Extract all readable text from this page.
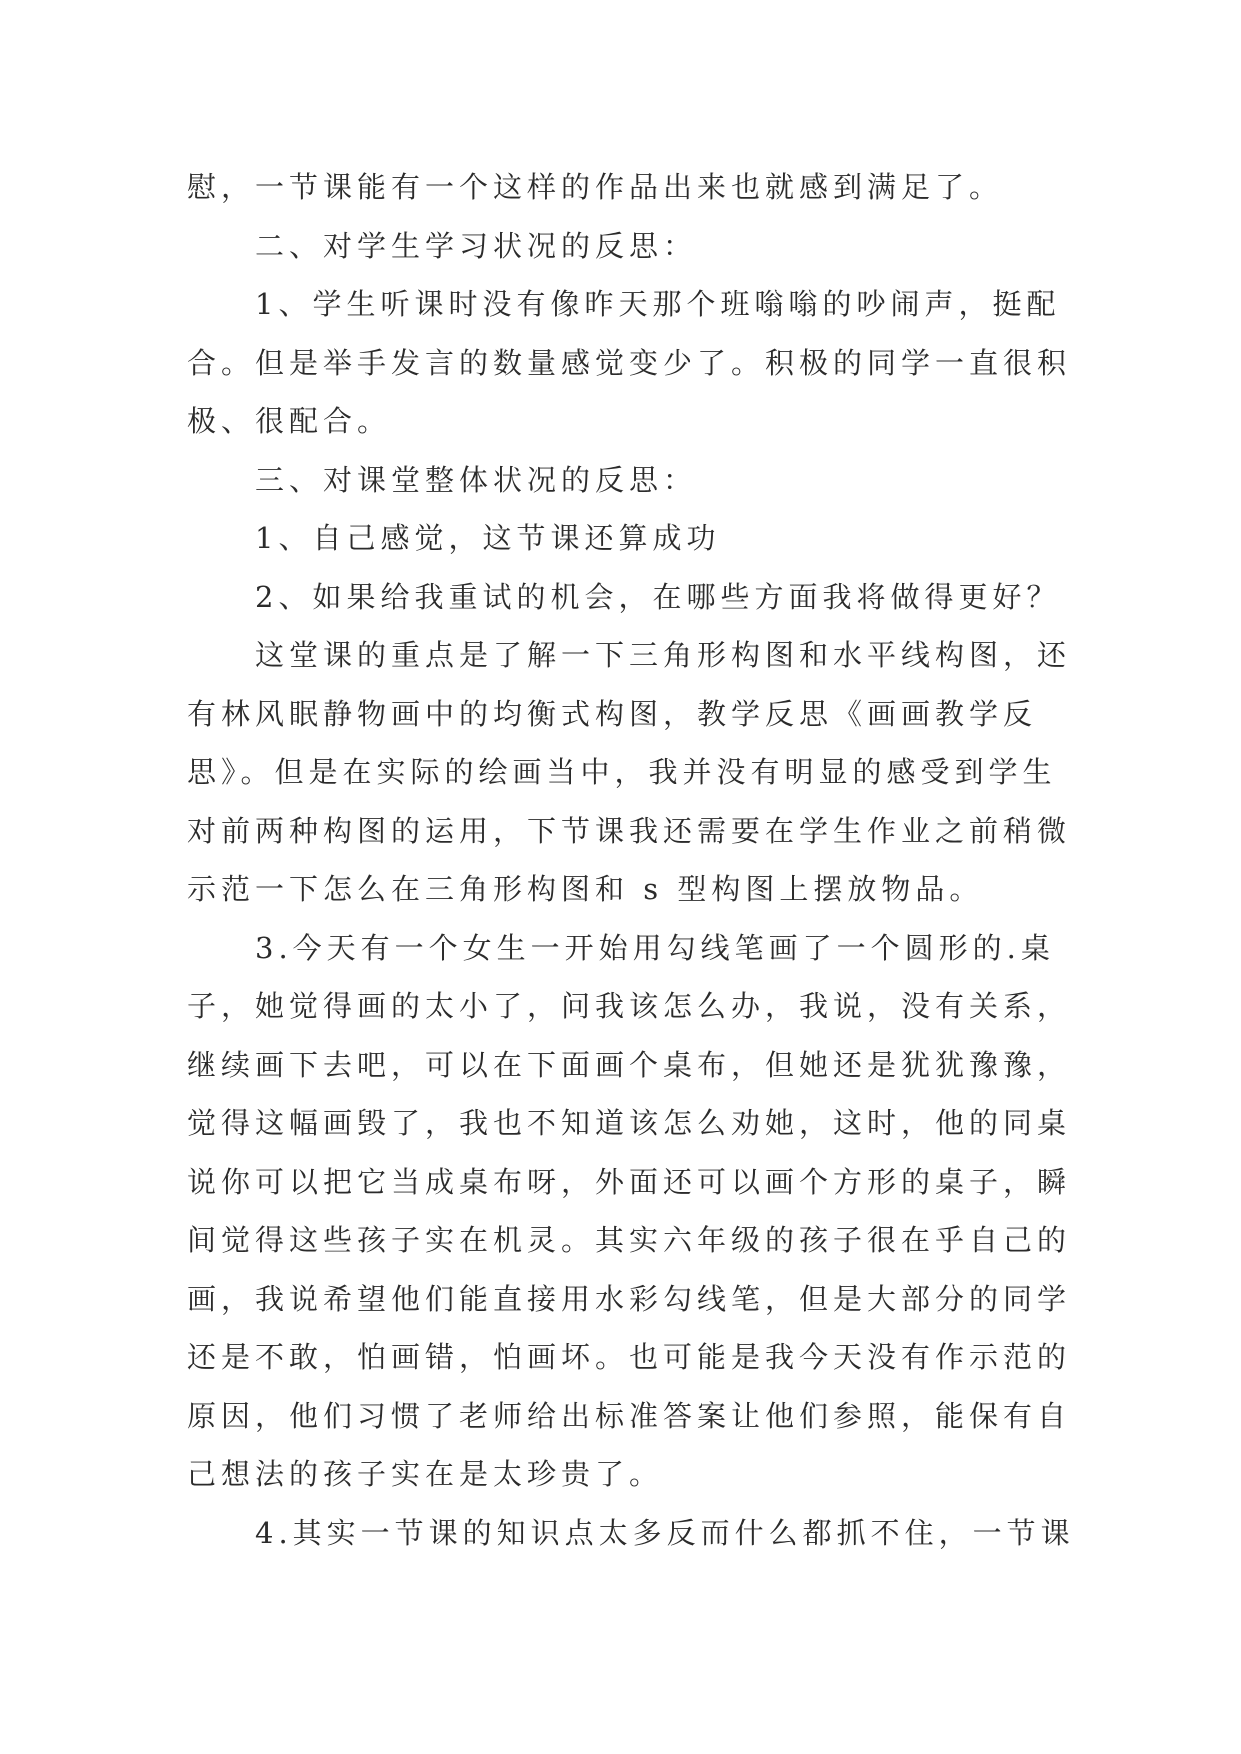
慰，一节课能有一个这样的作品出来也就感到满足了。
二、对学生学习状况的反思：
1、学生听课时没有像昨天那个班嗡嗡的吵闹声，挺配
合。但是举手发言的数量感觉变少了。积极的同学一直很积
极、很配合。
三、对课堂整体状况的反思：
1、自己感觉，这节课还算成功
2、如果给我重试的机会，在哪些方面我将做得更好？
这堂课的重点是了解一下三角形构图和水平线构图，还
有林风眠静物画中的均衡式构图，教学反思《画画教学反
思》。但是在实际的绘画当中，我并没有明显的感受到学生
对前两种构图的运用，下节课我还需要在学生作业之前稍微
示范一下怎么在三角形构图和 s 型构图上摆放物品。
3.今天有一个女生一开始用勾线笔画了一个圆形的.桌
子，她觉得画的太小了，问我该怎么办，我说，没有关系，
继续画下去吧，可以在下面画个桌布，但她还是犹犹豫豫，
觉得这幅画毁了，我也不知道该怎么劝她，这时，他的同桌
说你可以把它当成桌布呀，外面还可以画个方形的桌子，瞬
间觉得这些孩子实在机灵。其实六年级的孩子很在乎自己的
画，我说希望他们能直接用水彩勾线笔，但是大部分的同学
还是不敢，怕画错，怕画坏。也可能是我今天没有作示范的
原因，他们习惯了老师给出标准答案让他们参照，能保有自
己想法的孩子实在是太珍贵了。
4.其实一节课的知识点太多反而什么都抓不住，一节课
